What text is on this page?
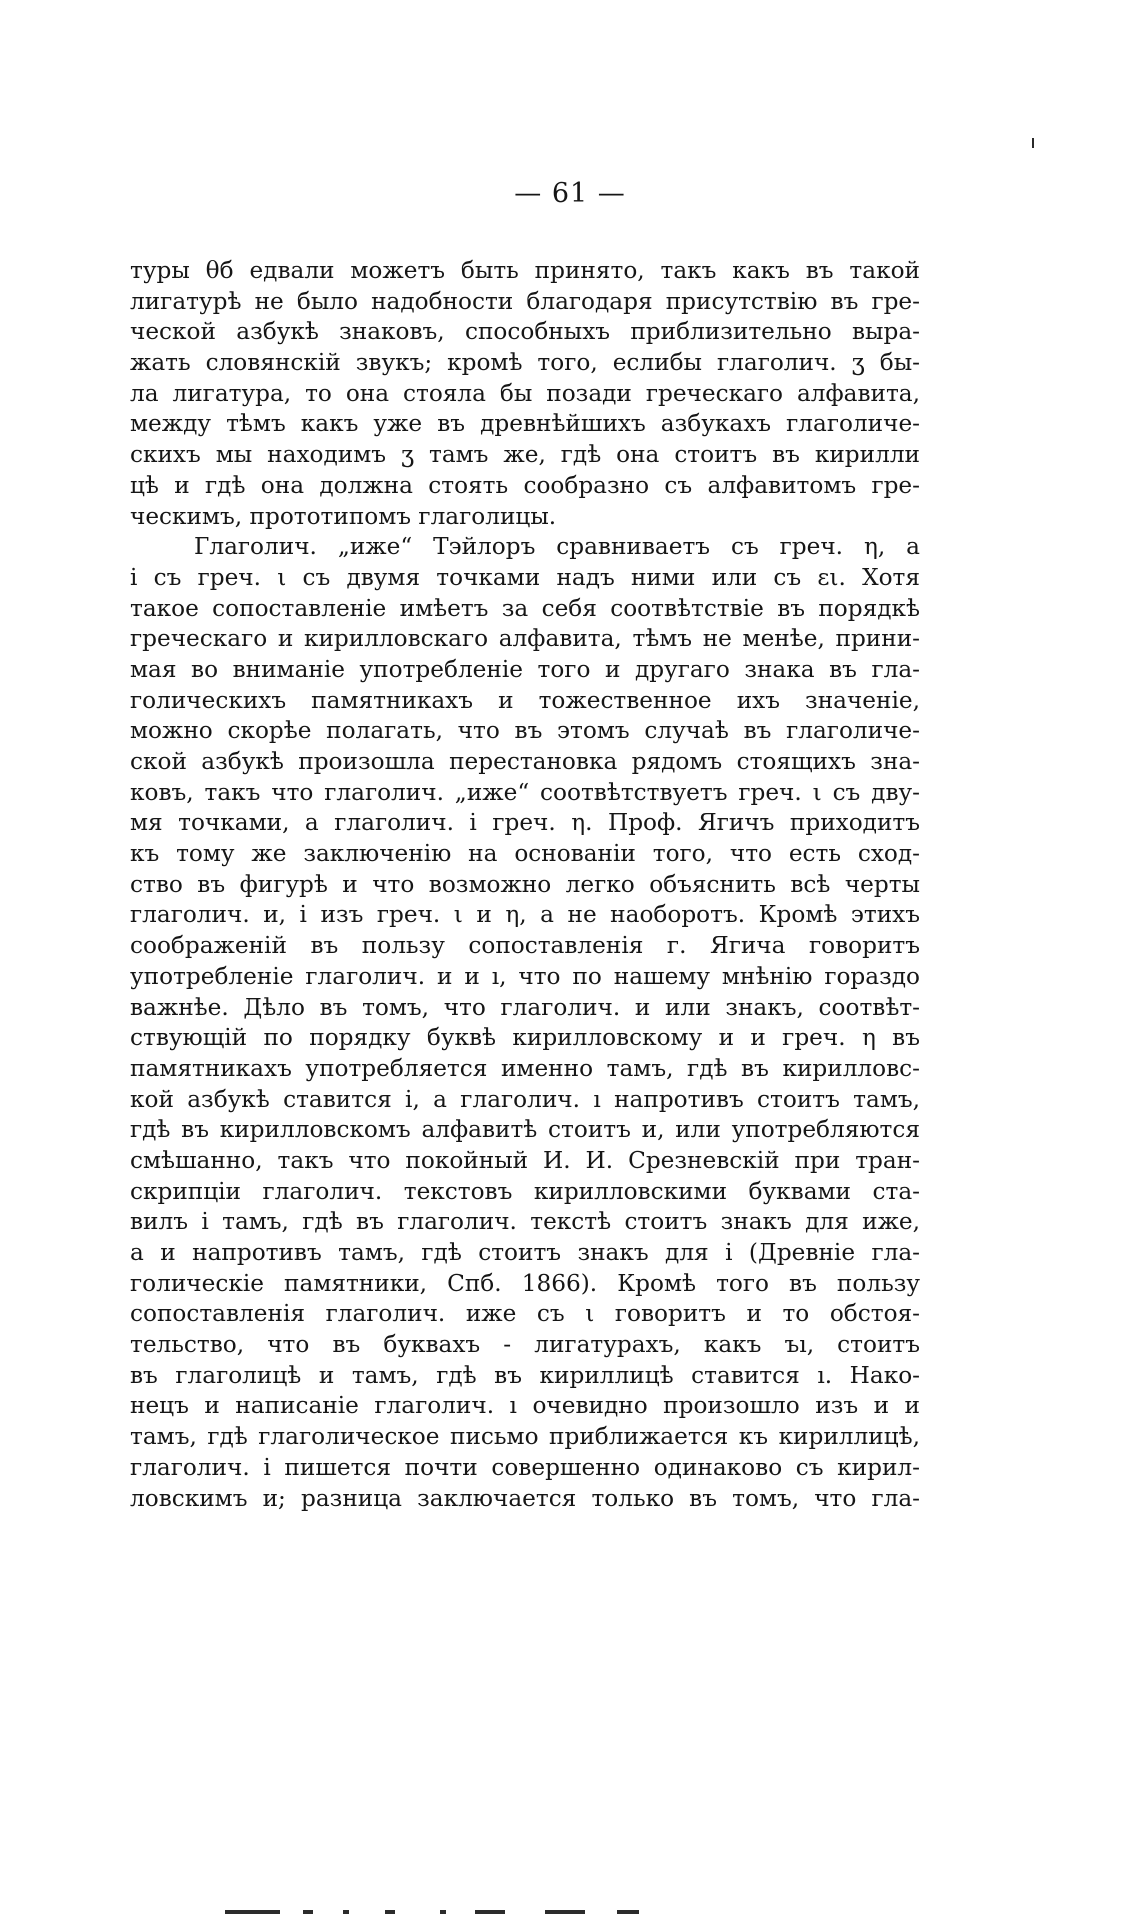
— 61 —
туры θб едвали можетъ быть принято, такъ какъ въ такой
лигатурѣ не было надобности благодаря присутствію въ гре-
ческой азбукѣ знаковъ, способныхъ приблизительно выра-
жать словянскій звукъ; кромѣ того, еслибы глаголич. ʒ бы-
ла лигатура, то она стояла бы позади греческаго алфавита,
между тѣмъ какъ уже въ древнѣйшихъ азбукахъ глаголиче-
скихъ мы находимъ ʒ тамъ же, гдѣ она стоитъ въ кирилли
цѣ и гдѣ она должна стоять сообразно съ алфавитомъ гре-
ческимъ, прототипомъ глаголицы.
Глаголич. „иже“ Тэйлоръ сравниваетъ съ греч. η, а
і съ греч. ι съ двумя точками надъ ними или съ ει. Хотя
такое сопоставленіе имѣетъ за себя соотвѣтствіе въ порядкѣ
греческаго и кирилловскаго алфавита, тѣмъ не менѣе, прини-
мая во вниманіе употребленіе того и другаго знака въ гла-
голическихъ памятникахъ и тожественное ихъ значеніе,
можно скорѣе полагать, что въ этомъ случаѣ въ глаголиче-
ской азбукѣ произошла перестановка рядомъ стоящихъ зна-
ковъ, такъ что глаголич. „иже“ соотвѣтствуетъ греч. ι съ дву-
мя точками, а глаголич. і греч. η. Проф. Ягичъ приходитъ
къ тому же заключенію на основаніи того, что есть сход-
ство въ фигурѣ и что возможно легко объяснить всѣ черты
глаголич. и, і изъ греч. ι и η, а не наоборотъ. Кромѣ этихъ
соображеній въ пользу сопоставленія г. Ягича говоритъ
употребленіе глаголич. и и ı, что по нашему мнѣнію гораздо
важнѣе. Дѣло въ томъ, что глаголич. и или знакъ, соотвѣт-
ствующій по порядку буквѣ кирилловскому и и греч. η въ
памятникахъ употребляется именно тамъ, гдѣ въ кирилловс-
кой азбукѣ ставится і, а глаголич. ı напротивъ стоитъ тамъ,
гдѣ въ кирилловскомъ алфавитѣ стоитъ и, или употребляются
смѣшанно, такъ что покойный И. И. Срезневскій при тран-
скрипціи глаголич. текстовъ кирилловскими буквами ста-
вилъ і тамъ, гдѣ въ глаголич. текстѣ стоитъ знакъ для иже,
а и напротивъ тамъ, гдѣ стоитъ знакъ для і (Древніе гла-
голическіе памятники, Спб. 1866). Кромѣ того въ пользу
сопоставленія глаголич. иже съ ι говоритъ и то обстоя-
тельство, что въ буквахъ - лигатурахъ, какъ ъı, стоитъ
въ глаголицѣ и тамъ, гдѣ въ кириллицѣ ставится ı. Нако-
нецъ и написаніе глаголич. ı очевидно произошло изъ и и
тамъ, гдѣ глаголическое письмо приближается къ кириллицѣ,
глаголич. і пишется почти совершенно одинаково съ кирил-
ловскимъ и; разница заключается только въ томъ, что гла-
